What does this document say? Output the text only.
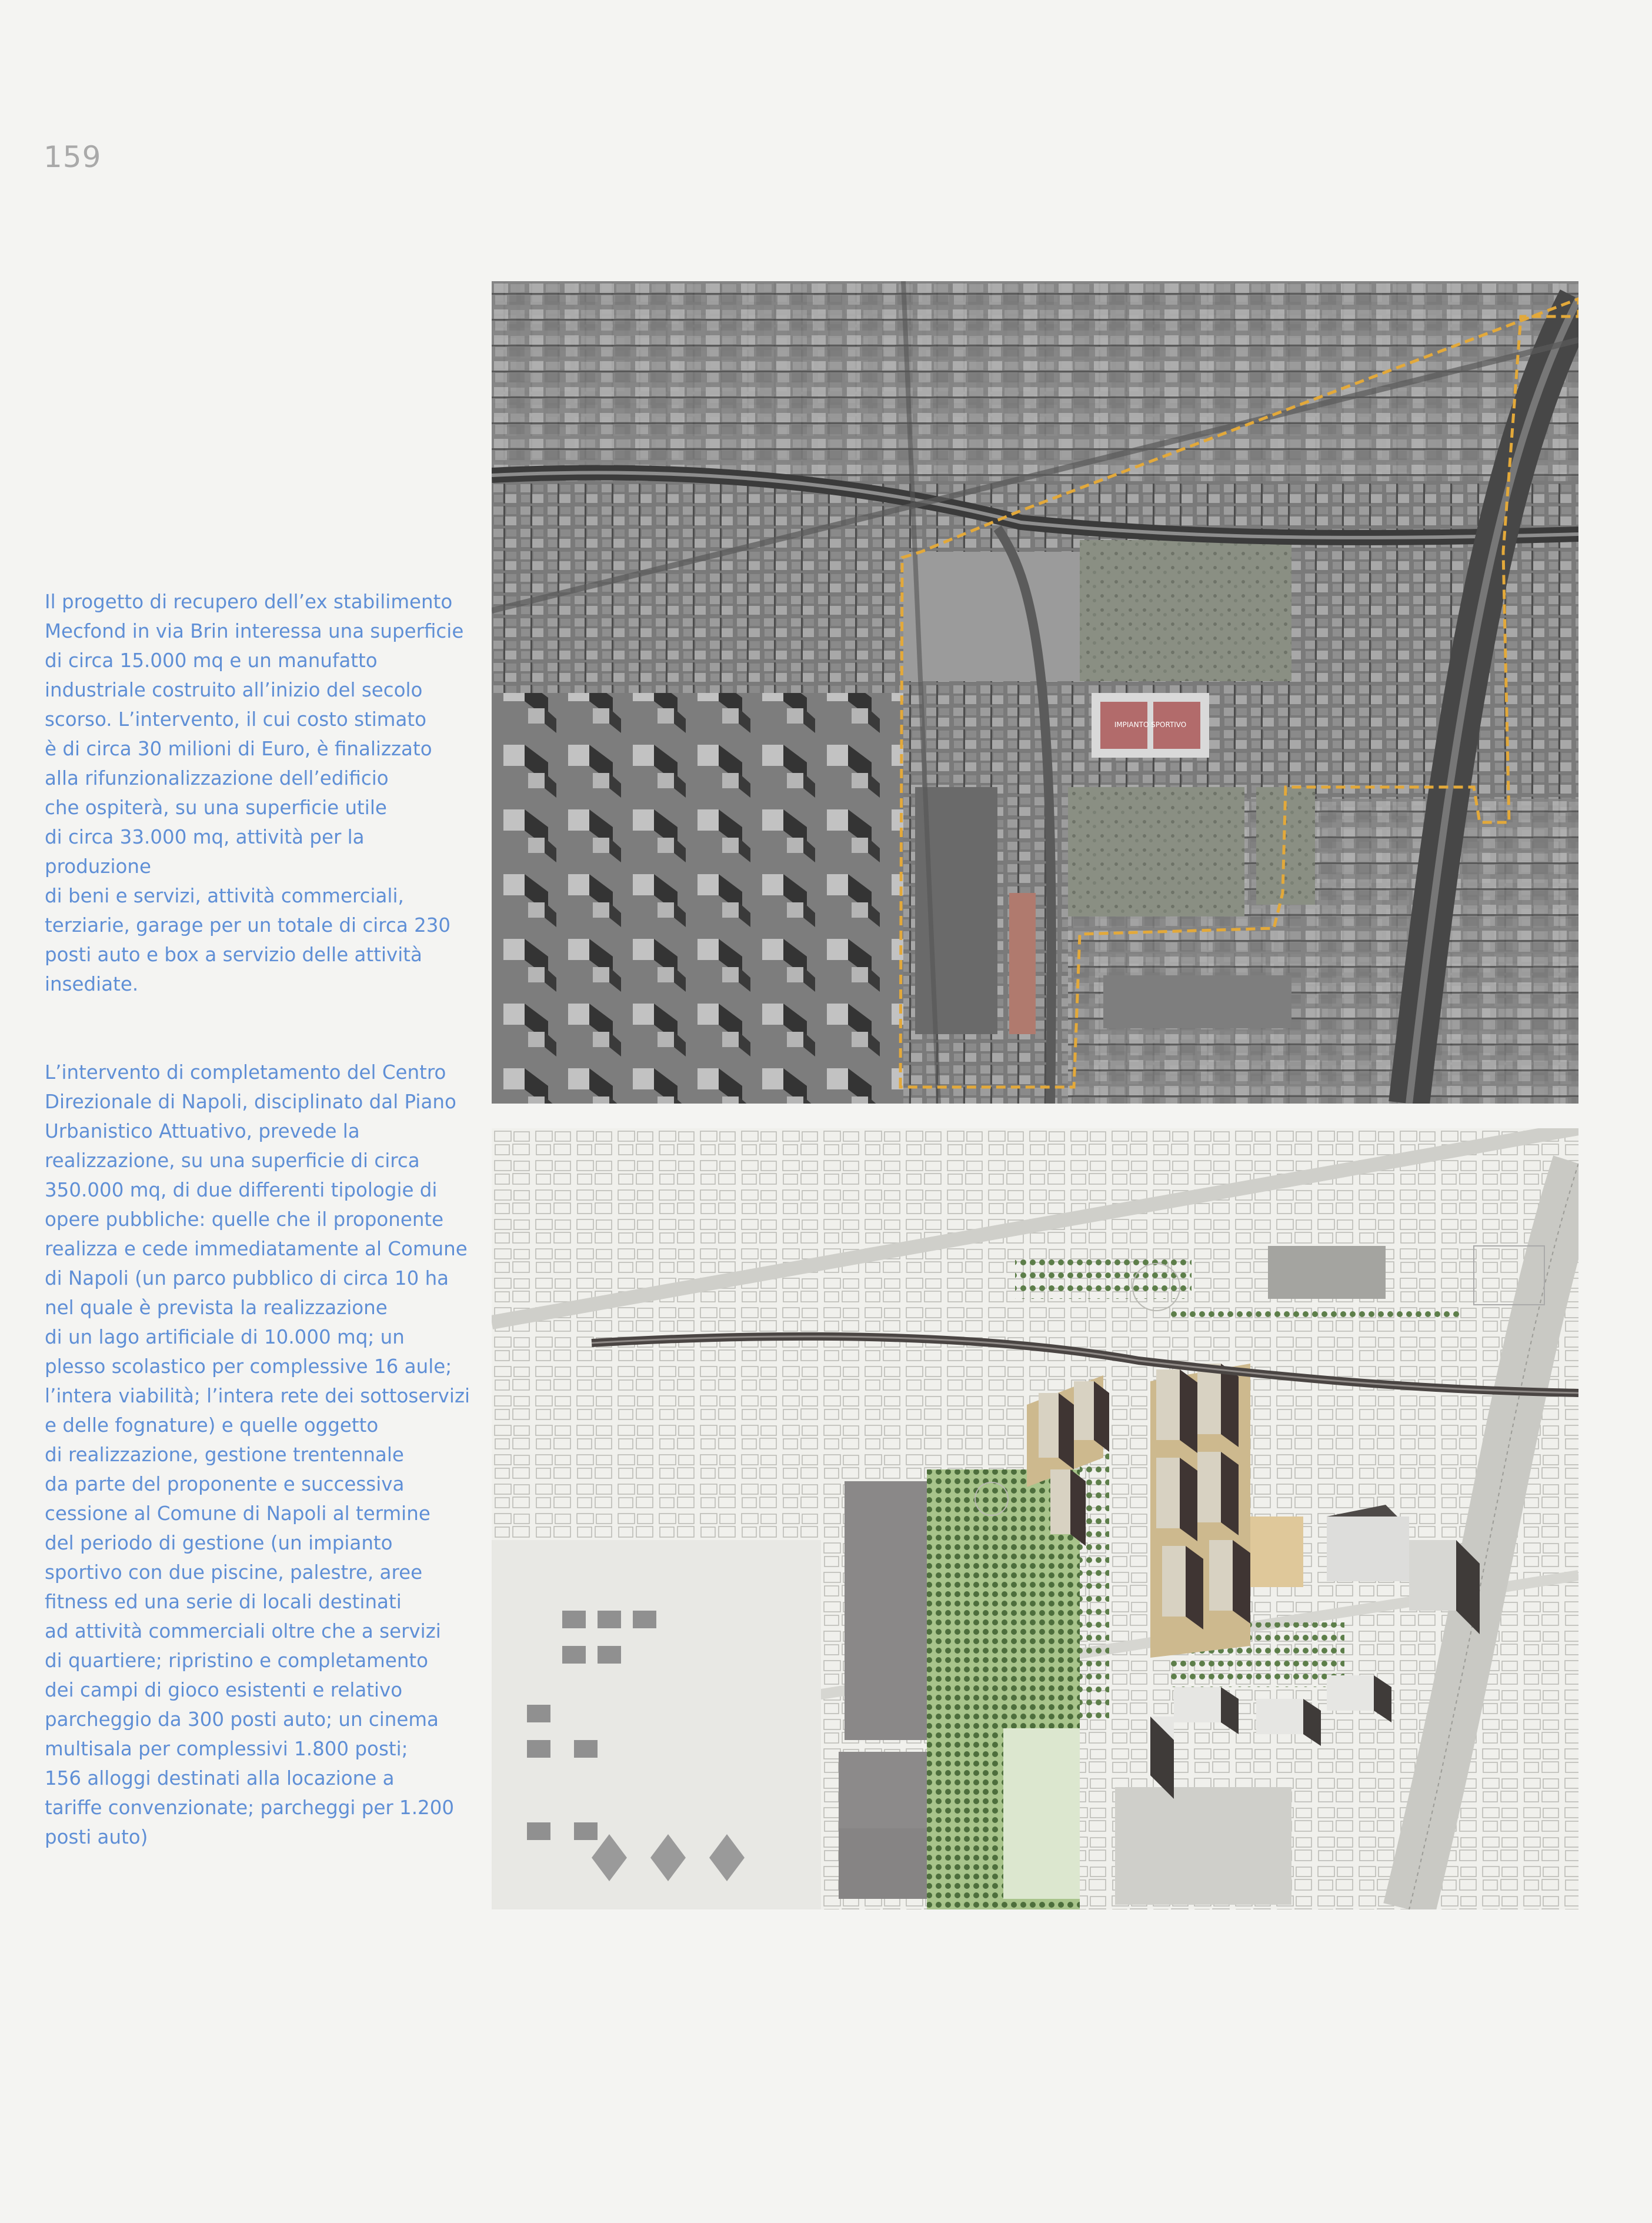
159

Il progetto di recupero dell’ex stabilimento
Mecfond in via Brin interessa una superficie
di circa 15.000 mq e un manufatto
industriale costruito all’inizio del secolo
scorso. L’intervento, il cui costo stimato
è di circa 30 milioni di Euro, è finalizzato
alla rifunzionalizzazione dell’edificio
che ospiterà, su una superficie utile
di circa 33.000 mq, attività per la produzione
di beni e servizi, attività commerciali,
terziarie, garage per un totale di circa 230
posti auto e box a servizio delle attività
insediate.

L’intervento di completamento del Centro
Direzionale di Napoli, disciplinato dal Piano
Urbanistico Attuativo, prevede la
realizzazione, su una superficie di circa
350.000 mq, di due differenti tipologie di
opere pubbliche: quelle che il proponente
realizza e cede immediatamente al Comune
di Napoli (un parco pubblico di circa 10 ha
nel quale è prevista la realizzazione
di un lago artificiale di 10.000 mq; un
plesso scolastico per complessive 16 aule;
l’intera viabilità; l’intera rete dei sottoservizi
e delle fognature) e quelle oggetto
di realizzazione, gestione trentennale
da parte del proponente e successiva
cessione al Comune di Napoli al termine
del periodo di gestione (un impianto
sportivo con due piscine, palestre, aree
fitness ed una serie di locali destinati
ad attività commerciali oltre che a servizi
di quartiere; ripristino e completamento
dei campi di gioco esistenti e relativo
parcheggio da 300 posti auto; un cinema
multisala per complessivi 1.800 posti;
156 alloggi destinati alla locazione a
tariffe convenzionate; parcheggi per 1.200
posti auto)

IMPIANTO SPORTIVO
